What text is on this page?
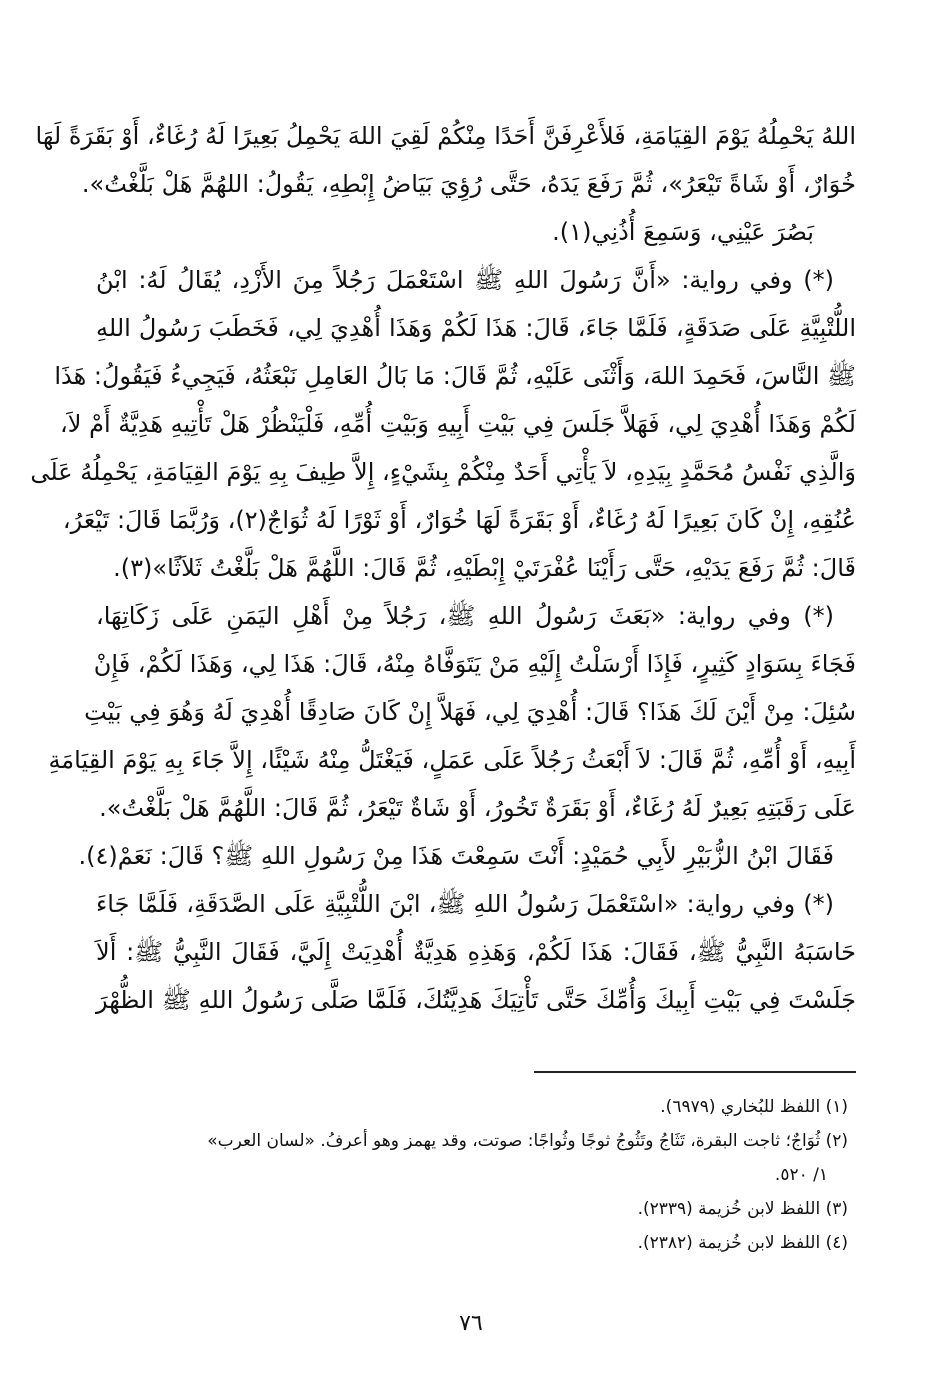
اللهُ يَحْمِلُهُ يَوْمَ القِيَامَةِ، فَلأَعْرِفَنَّ أَحَدًا مِنْكُمْ لَقِيَ اللهَ يَحْمِلُ بَعِيرًا لَهُ رُغَاءٌ، أَوْ بَقَرَةً لَهَا
خُوَارٌ، أَوْ شَاةً تَيْعَرُ»، ثُمَّ رَفَعَ يَدَهُ، حَتَّى رُؤِيَ بَيَاضُ إِبْطِهِ، يَقُولُ: اللهُمَّ هَلْ بَلَّغْتُ».
بَصُرَ عَيْنِي، وَسَمِعَ أُذُنِي(١).
(*) وفي رواية: «أَنَّ رَسُولَ اللهِ ﷺ اسْتَعْمَلَ رَجُلاً مِنَ الأَزْدِ، يُقَالُ لَهُ: ابْنُ
اللُّتْبِيَّةِ عَلَى صَدَقَةٍ، فَلَمَّا جَاءَ، قَالَ: هَذَا لَكُمْ وَهَذَا أُهْدِيَ لِي، فَخَطَبَ رَسُولُ اللهِ
ﷺ النَّاسَ، فَحَمِدَ اللهَ، وَأَثْنَى عَلَيْهِ، ثُمَّ قَالَ: مَا بَالُ العَامِلِ نَبْعَثُهُ، فَيَجِيءُ فَيَقُولُ: هَذَا
لَكُمْ وَهَذَا أُهْدِيَ لِي، فَهَلاَّ جَلَسَ فِي بَيْتِ أَبِيهِ وَبَيْتِ أُمِّهِ، فَلْيَنْظُرْ هَلْ تَأْتِيهِ هَدِيَّةٌ أَمْ لاَ،
وَالَّذِي نَفْسُ مُحَمَّدٍ بِيَدِهِ، لاَ يَأْتِي أَحَدٌ مِنْكُمْ بِشَيْءٍ، إِلاَّ طِيفَ بِهِ يَوْمَ القِيَامَةِ، يَحْمِلُهُ عَلَى
عُنُقِهِ، إِنْ كَانَ بَعِيرًا لَهُ رُغَاءٌ، أَوْ بَقَرَةً لَهَا خُوَارٌ، أَوْ ثَوْرًا لَهُ ثُوَاجٌ(٢)، وَرُبَّمَا قَالَ: تَيْعَرُ،
قَالَ: ثُمَّ رَفَعَ يَدَيْهِ، حَتَّى رَأَيْنَا عُفْرَتَيْ إِبْطَيْهِ، ثُمَّ قَالَ: اللَّهُمَّ هَلْ بَلَّغْتُ ثَلاَثًا»(٣).
(*) وفي رواية: «بَعَثَ رَسُولُ اللهِ ﷺ، رَجُلاً مِنْ أَهْلِ اليَمَنِ عَلَى زَكَاتِهَا،
فَجَاءَ بِسَوَادٍ كَثِيرٍ، فَإِذَا أَرْسَلْتُ إِلَيْهِ مَنْ يَتَوَفَّاهُ مِنْهُ، قَالَ: هَذَا لِي، وَهَذَا لَكُمْ، فَإِنْ
سُئِلَ: مِنْ أَيْنَ لَكَ هَذَا؟ قَالَ: أُهْدِيَ لِي، فَهَلاَّ إِنْ كَانَ صَادِقًا أُهْدِيَ لَهُ وَهُوَ فِي بَيْتِ
أَبِيهِ، أَوْ أُمِّهِ، ثُمَّ قَالَ: لاَ أَبْعَثُ رَجُلاً عَلَى عَمَلٍ، فَيَغْتَلُّ مِنْهُ شَيْئًا، إِلاَّ جَاءَ بِهِ يَوْمَ القِيَامَةِ
عَلَى رَقَبَتِهِ بَعِيرٌ لَهُ رُغَاءٌ، أَوْ بَقَرَةٌ تَخُورُ، أَوْ شَاةٌ تَيْعَرُ، ثُمَّ قَالَ: اللَّهُمَّ هَلْ بَلَّغْتُ».
فَقَالَ ابْنُ الزُّبَيْرِ لأَبِي حُمَيْدٍ: أَنْتَ سَمِعْتَ هَذَا مِنْ رَسُولِ اللهِ ﷺ؟ قَالَ: نَعَمْ(٤).
(*) وفي رواية: «اسْتَعْمَلَ رَسُولُ اللهِ ﷺ، ابْنَ اللُّتْبِيَّةِ عَلَى الصَّدَقَةِ، فَلَمَّا جَاءَ
حَاسَبَهُ النَّبِيُّ ﷺ، فَقَالَ: هَذَا لَكُمْ، وَهَذِهِ هَدِيَّةٌ أُهْدِيَتْ إِلَيَّ، فَقَالَ النَّبِيُّ ﷺ: أَلاَ
جَلَسْتَ فِي بَيْتِ أَبِيكَ وَأُمِّكَ حَتَّى تَأْتِيَكَ هَدِيَّتُكَ، فَلَمَّا صَلَّى رَسُولُ اللهِ ﷺ الظُّهْرَ
(١) اللفظ للبُخاري (٦٩٧٩).
(٢) ثُوَاجٌ؛ ثاجت البقرة، تَثَاجُ وتَثُوجُ ثوجًا وثُواجًا: صوتت، وقد يهمز وهو أعرفُ. «لسان العرب»
١/ ٥٢٠.
(٣) اللفظ لابن خُزيمة (٢٣٣٩).
(٤) اللفظ لابن خُزيمة (٢٣٨٢).
٧٦
